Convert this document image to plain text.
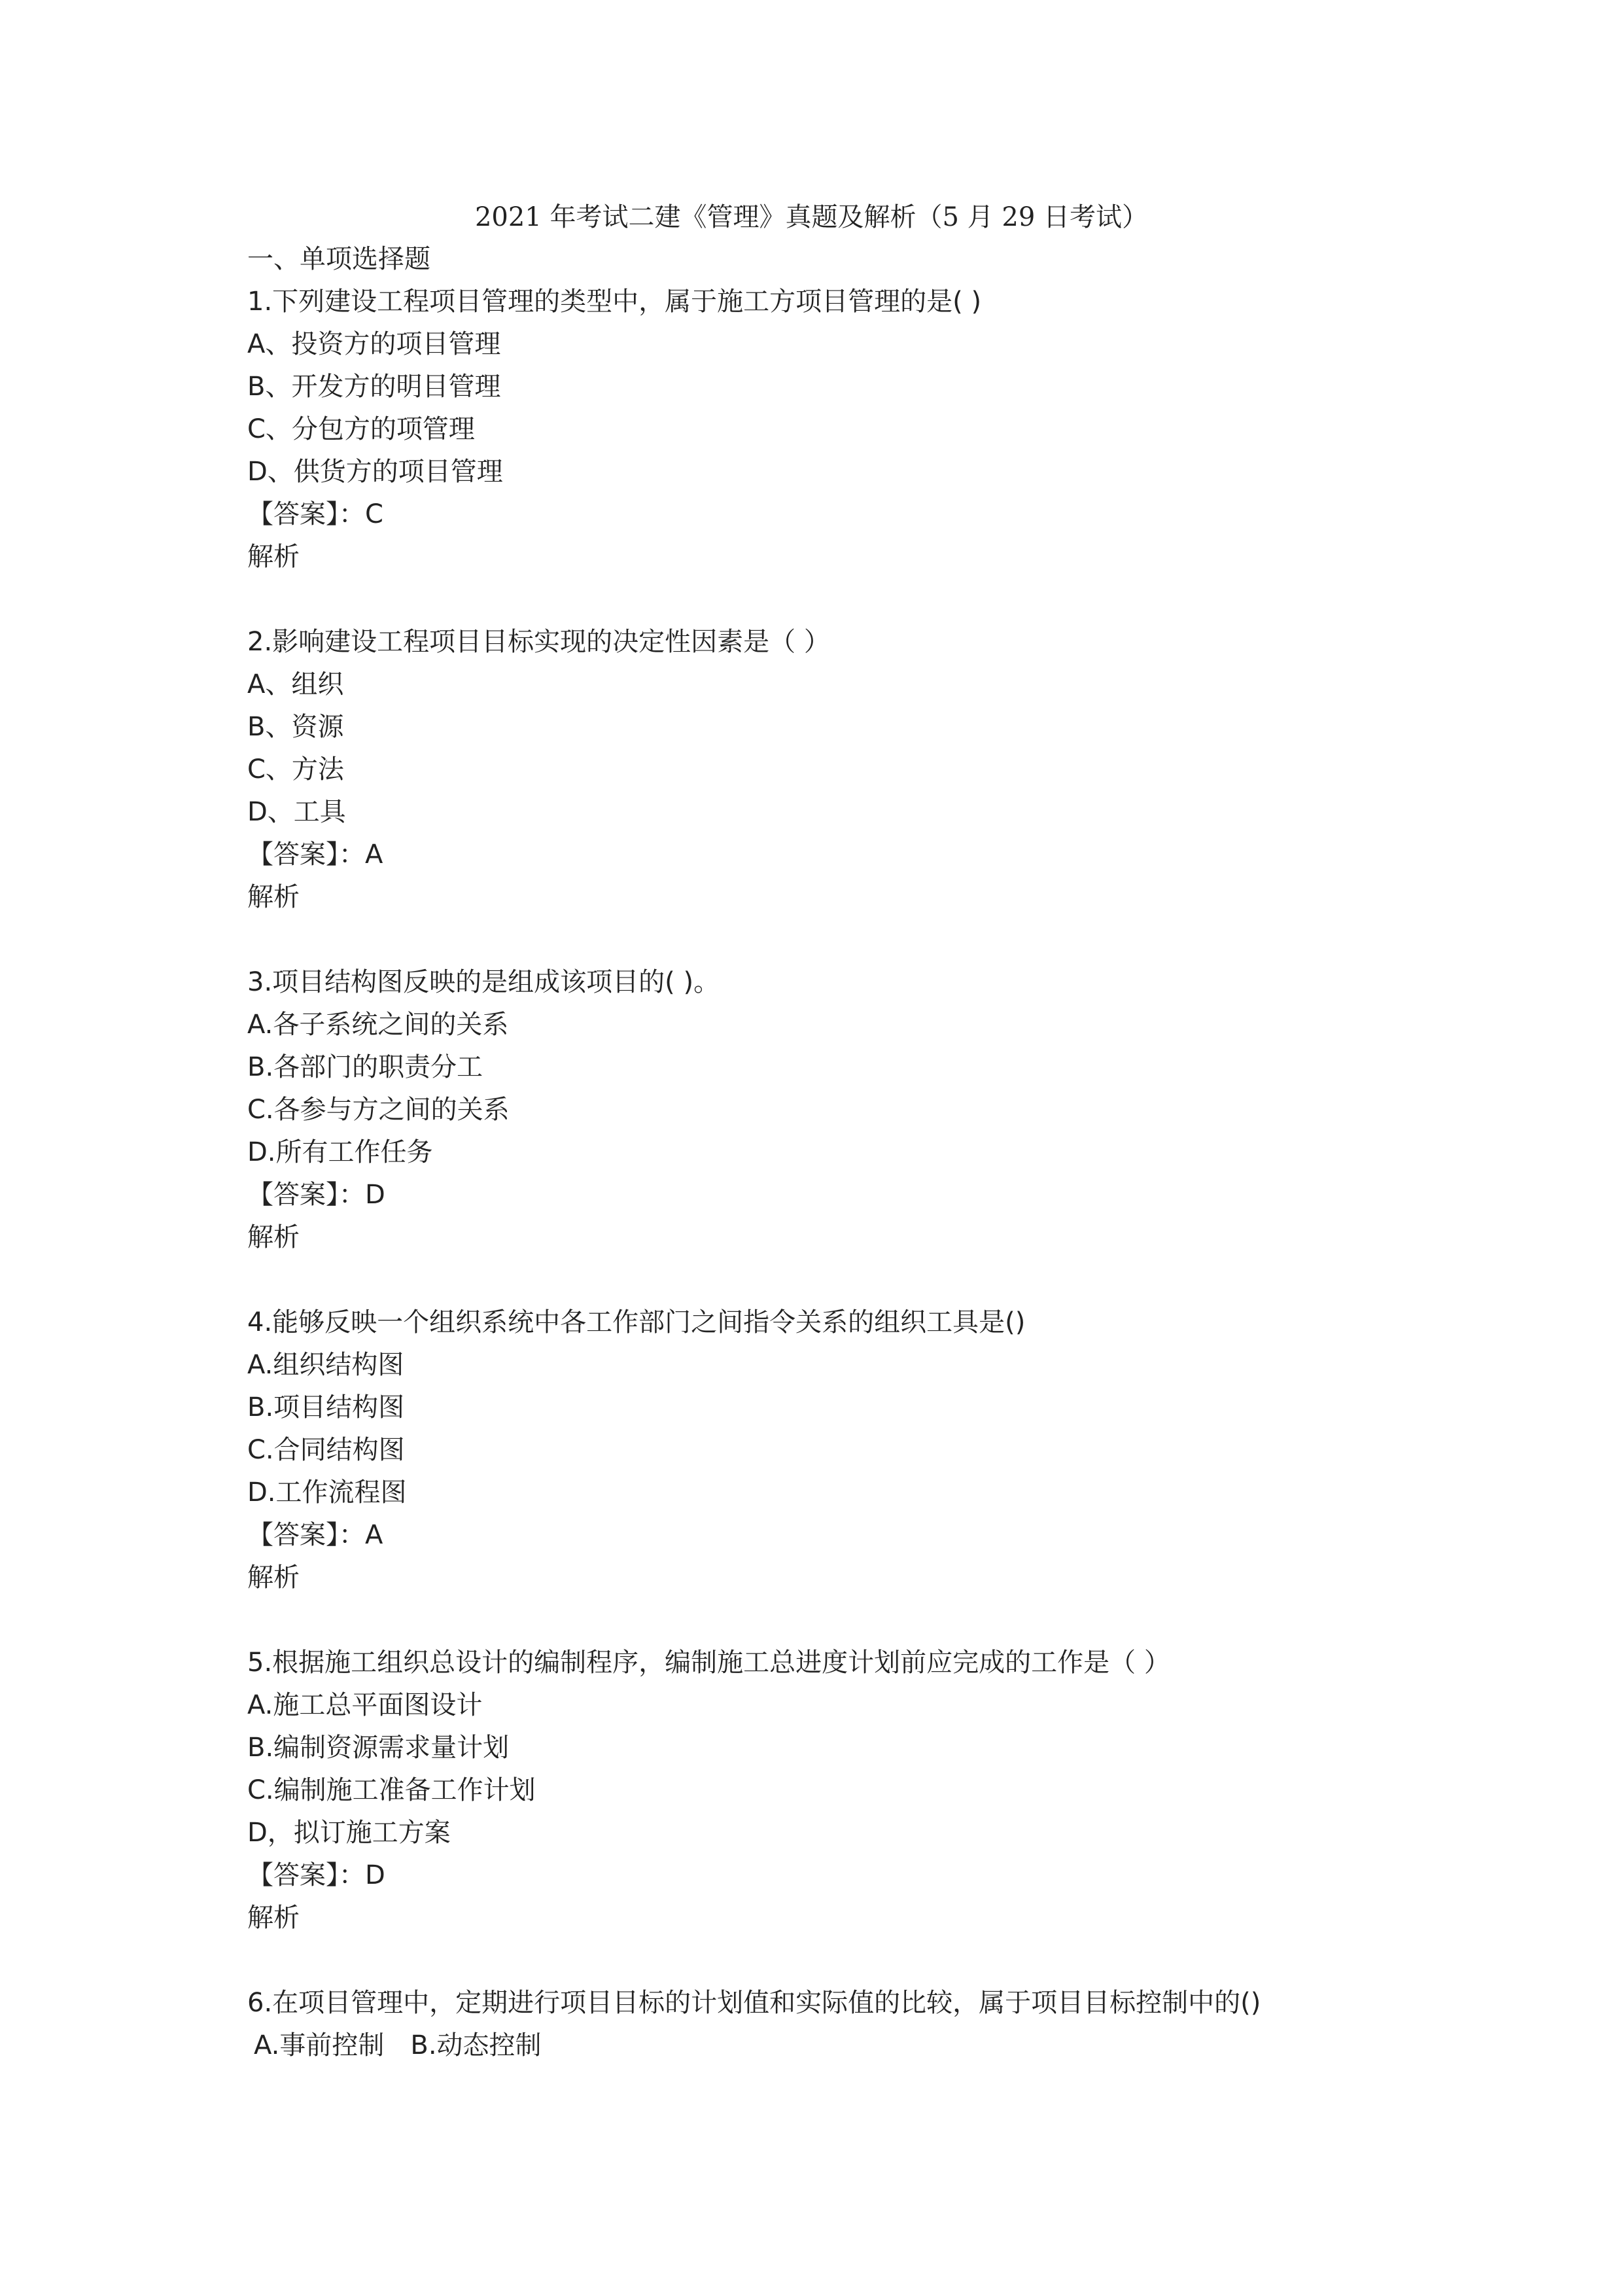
2021 年考试二建《管理》真题及解析（5 月 29 日考试）
一、单项选择题
1.下列建设工程项目管理的类型中，属于施工方项目管理的是( )
A、投资方的项目管理
B、开发方的明目管理
C、分包方的项管理
D、供货方的项目管理
【答案】：C
解析
2.影响建设工程项目目标实现的决定性因素是（ ）
A、组织
B、资源
C、方法
D、工具
【答案】：A
解析
3.项目结构图反映的是组成该项目的( )。
A.各子系统之间的关系
B.各部门的职责分工
C.各参与方之间的关系
D.所有工作任务
【答案】：D
解析
4.能够反映一个组织系统中各工作部门之间指令关系的组织工具是()
A.组织结构图
B.项目结构图
C.合同结构图
D.工作流程图
【答案】：A
解析
5.根据施工组织总设计的编制程序，编制施工总进度计划前应完成的工作是（ ）
A.施工总平面图设计
B.编制资源需求量计划
C.编制施工准备工作计划
D，拟订施工方案
【答案】：D
解析
6.在项目管理中，定期进行项目目标的计划值和实际值的比较，属于项目目标控制中的()
A.事前控制 B.动态控制
